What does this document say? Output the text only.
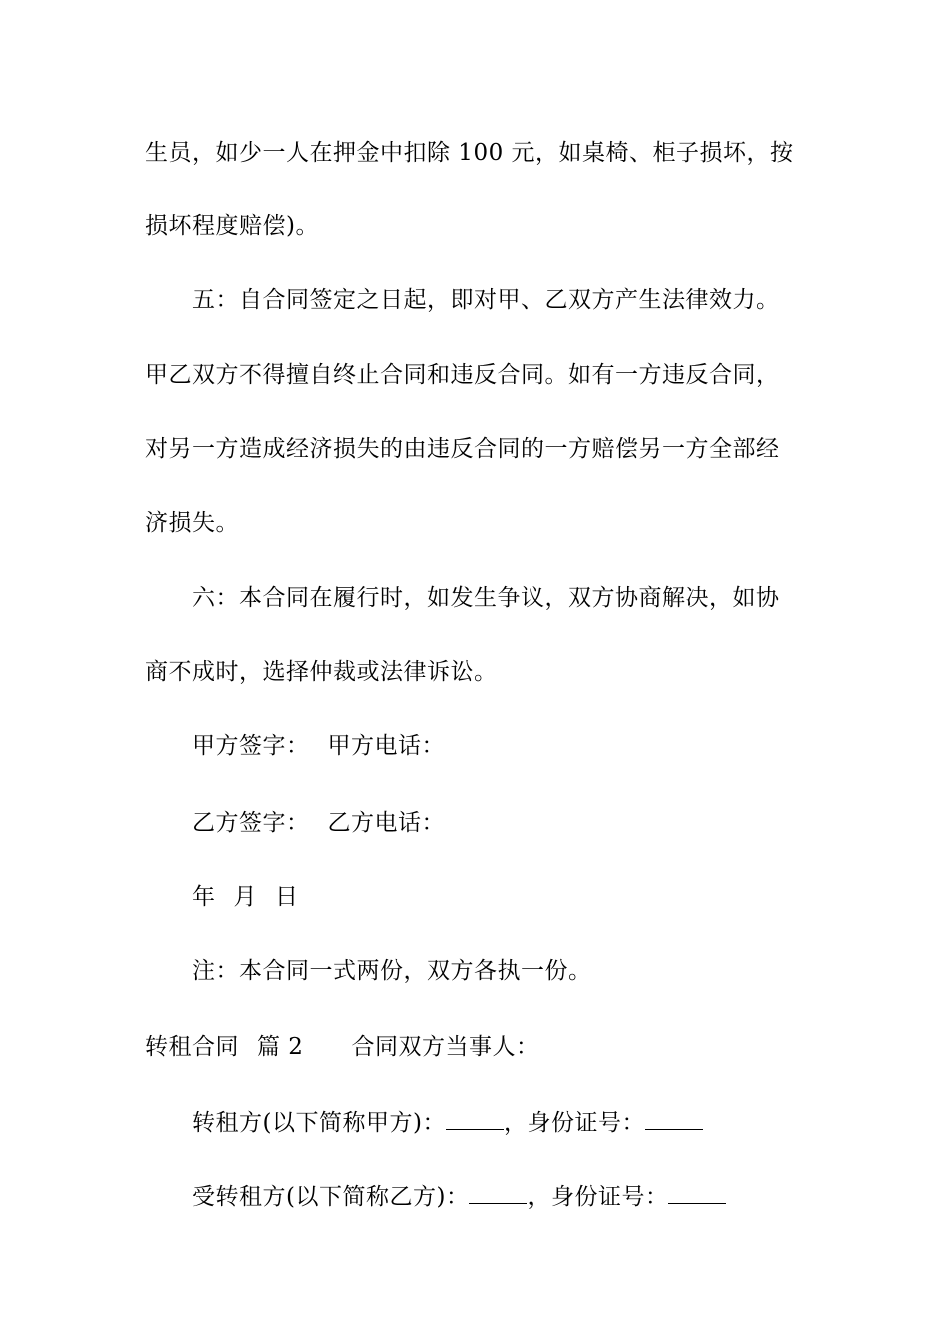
生员，如少一人在押金中扣除 100 元，如桌椅、柜子损坏，按
损坏程度赔偿)。
五：自合同签定之日起，即对甲、乙双方产生法律效力。
甲乙双方不得擅自终止合同和违反合同。如有一方违反合同，
对另一方造成经济损失的由违反合同的一方赔偿另一方全部经
济损失。
六：本合同在履行时，如发生争议，双方协商解决，如协
商不成时，选择仲裁或法律诉讼。
甲方签字： 甲方电话：
乙方签字： 乙方电话：
年 月 日
注：本合同一式两份，双方各执一份。
转租合同 篇 2 合同双方当事人：
转租方(以下简称甲方)：	，身份证号：
受转租方(以下简称乙方)：	，身份证号：
